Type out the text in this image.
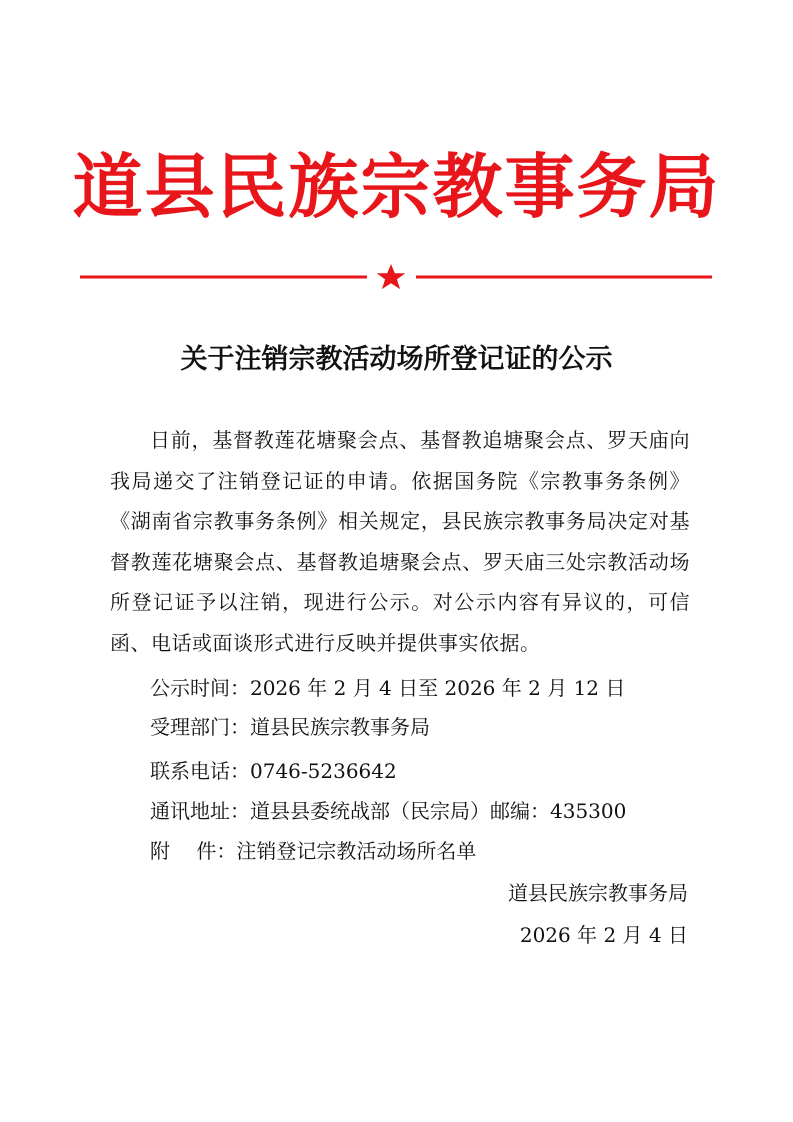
道县民族宗教事务局
关于注销宗教活动场所登记证的公示
日前，基督教莲花塘聚会点、基督教追塘聚会点、罗天庙向我局递交了注销登记证的申请。依据国务院《宗教事务条例》《湖南省宗教事务条例》相关规定，县民族宗教事务局决定对基督教莲花塘聚会点、基督教追塘聚会点、罗天庙三处宗教活动场所登记证予以注销，现进行公示。对公示内容有异议的，可信函、电话或面谈形式进行反映并提供事实依据。
公示时间：2026 年 2 月 4 日至 2026 年 2 月 12 日
受理部门：道县民族宗教事务局
联系电话：0746-5236642
通讯地址：道县县委统战部（民宗局）邮编：435300
附　 件：注销登记宗教活动场所名单
道县民族宗教事务局
2026 年 2 月 4 日
